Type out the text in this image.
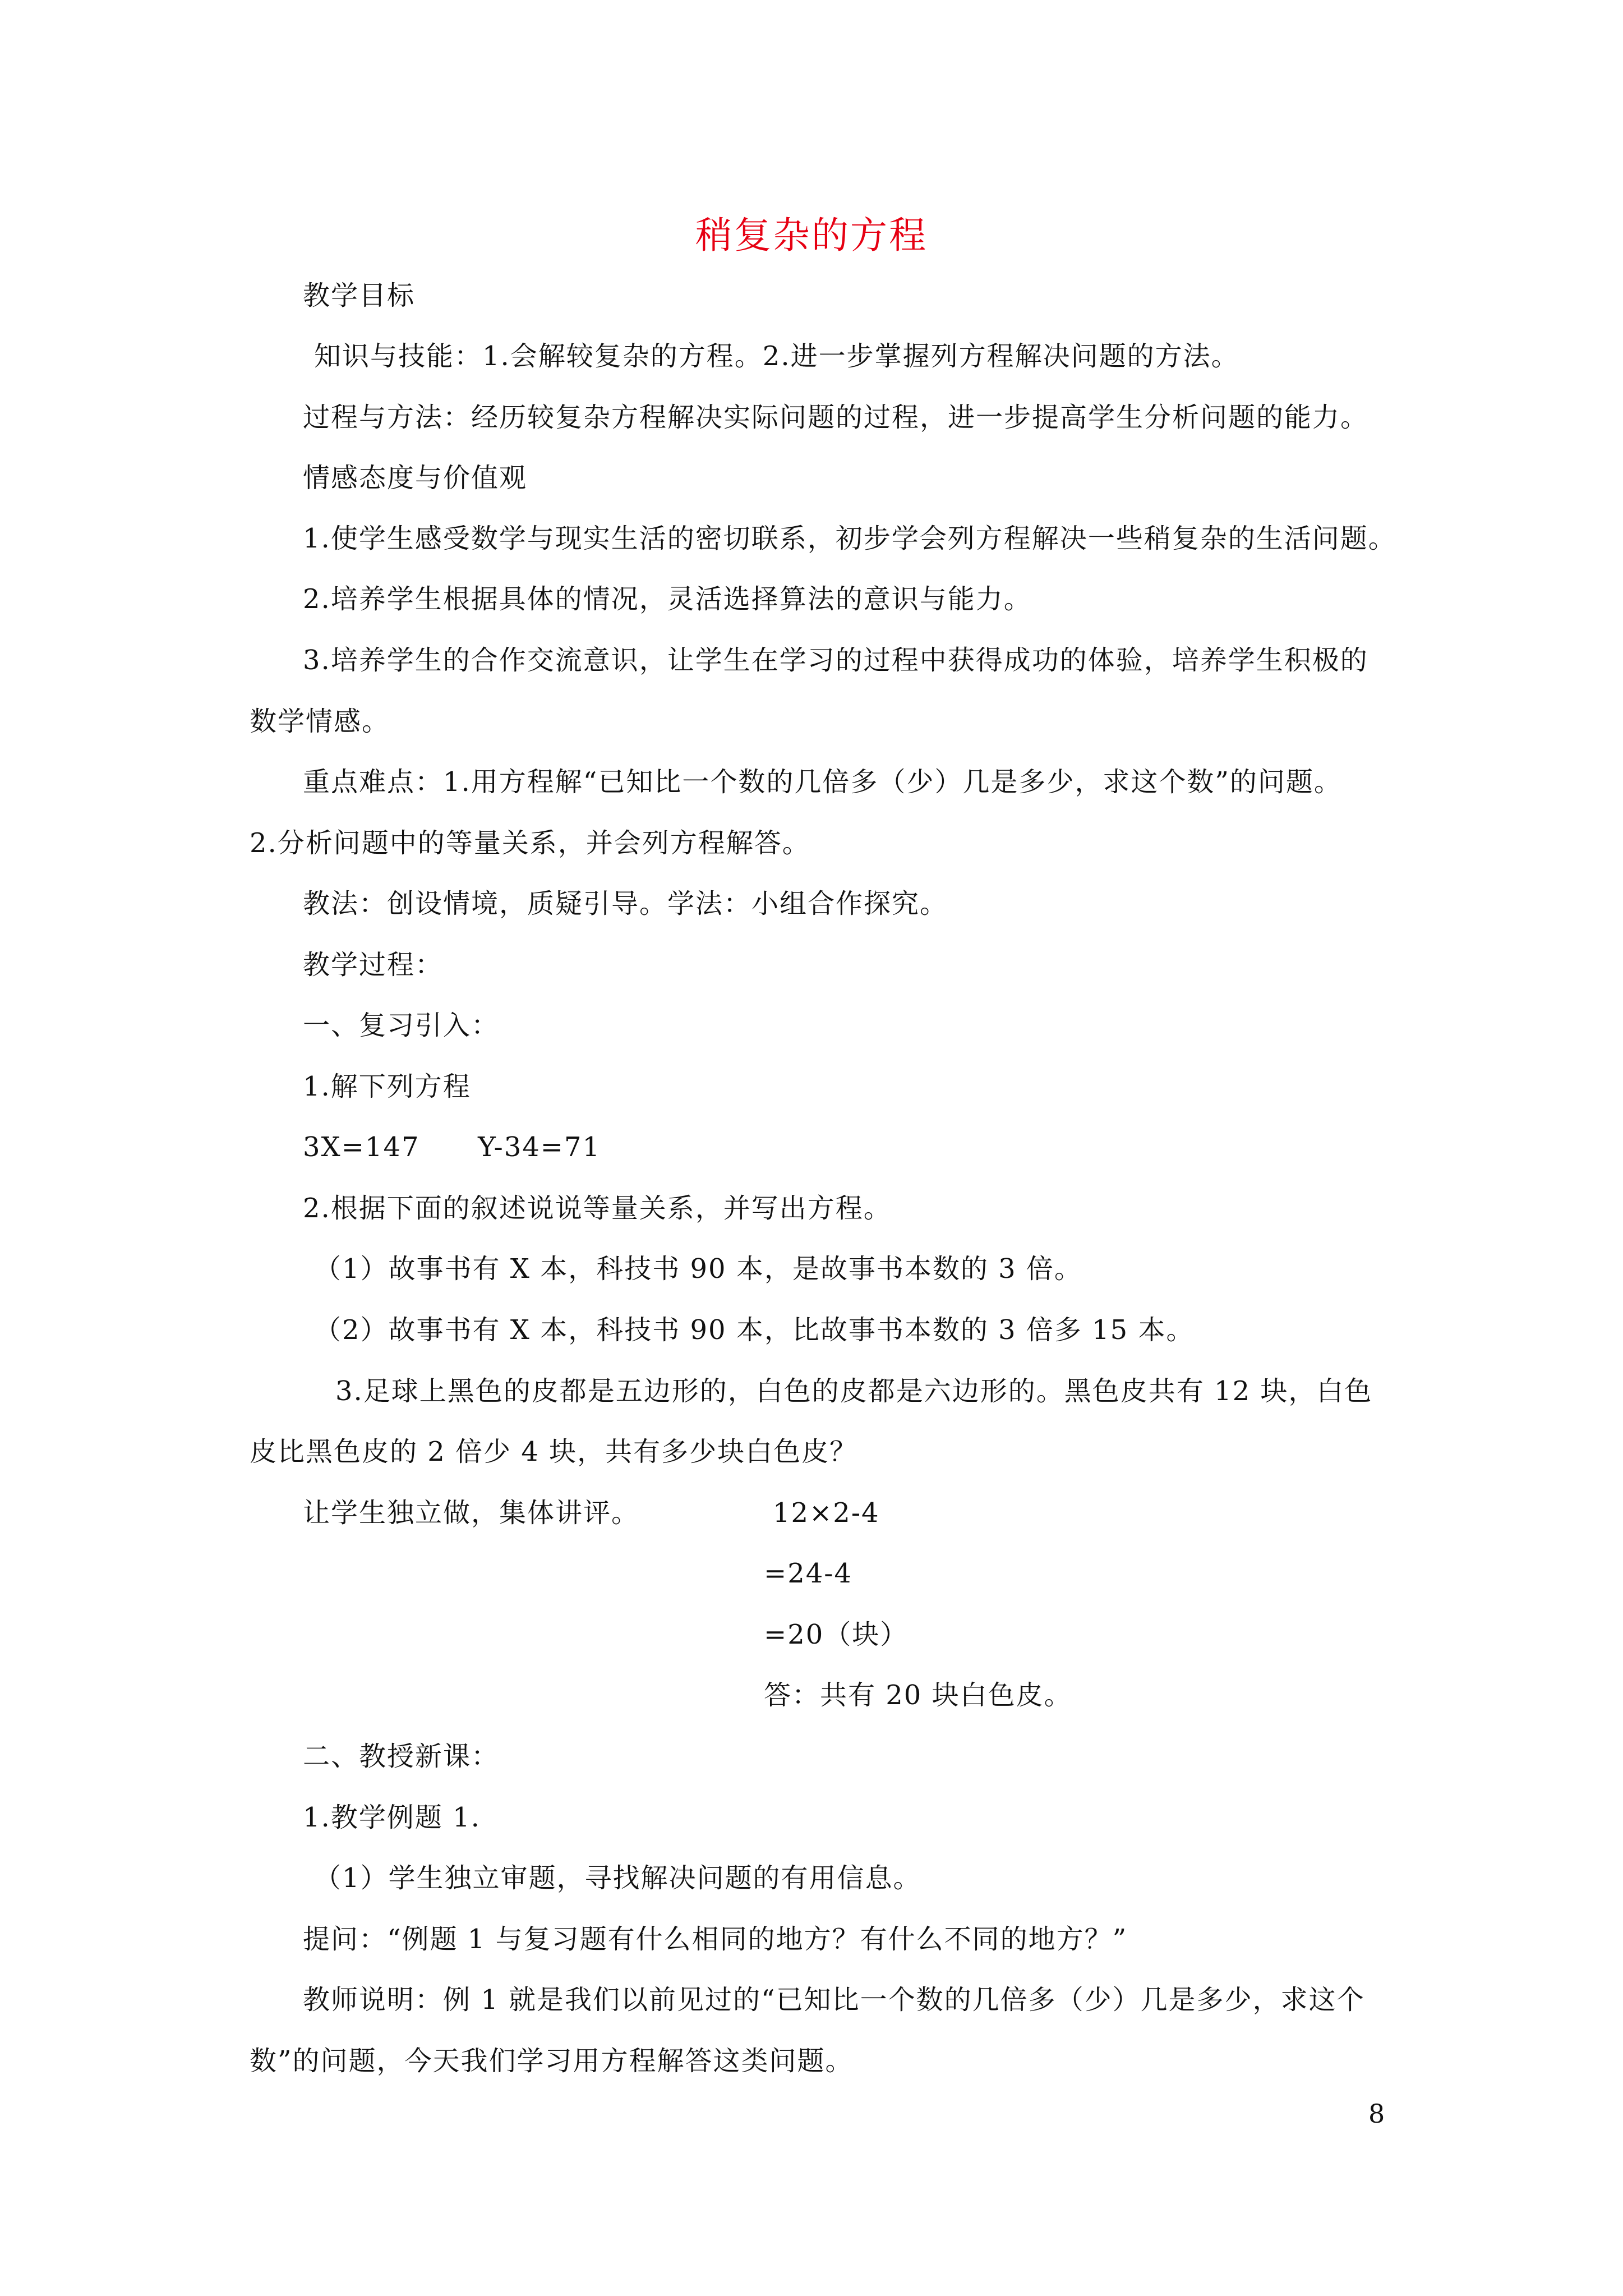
稍复杂的方程
教学目标
知识与技能：1.会解较复杂的方程。2.进一步掌握列方程解决问题的方法。
过程与方法：经历较复杂方程解决实际问题的过程，进一步提高学生分析问题的能力。
情感态度与价值观
1.使学生感受数学与现实生活的密切联系，初步学会列方程解决一些稍复杂的生活问题。
2.培养学生根据具体的情况，灵活选择算法的意识与能力。
3.培养学生的合作交流意识，让学生在学习的过程中获得成功的体验，培养学生积极的
数学情感。
重点难点：1.用方程解“已知比一个数的几倍多（少）几是多少，求这个数”的问题。
2.分析问题中的等量关系，并会列方程解答。
教法：创设情境，质疑引导。学法：小组合作探究。
教学过程：
一、复习引入：
1.解下列方程
3X=147      Y-34=71
2.根据下面的叙述说说等量关系，并写出方程。
（1）故事书有 X 本，科技书 90 本，是故事书本数的 3 倍。
（2）故事书有 X 本，科技书 90 本，比故事书本数的 3 倍多 15 本。
3.足球上黑色的皮都是五边形的，白色的皮都是六边形的。黑色皮共有 12 块，白色
皮比黑色皮的 2 倍少 4 块，共有多少块白色皮？
让学生独立做，集体讲评。	12×2-4
=24-4
=20（块）
答：共有 20 块白色皮。
二、教授新课：
1.教学例题 1.
（1）学生独立审题，寻找解决问题的有用信息。
提问：“例题 1 与复习题有什么相同的地方？有什么不同的地方？”
教师说明：例 1 就是我们以前见过的“已知比一个数的几倍多（少）几是多少，求这个
数”的问题，今天我们学习用方程解答这类问题。
8
